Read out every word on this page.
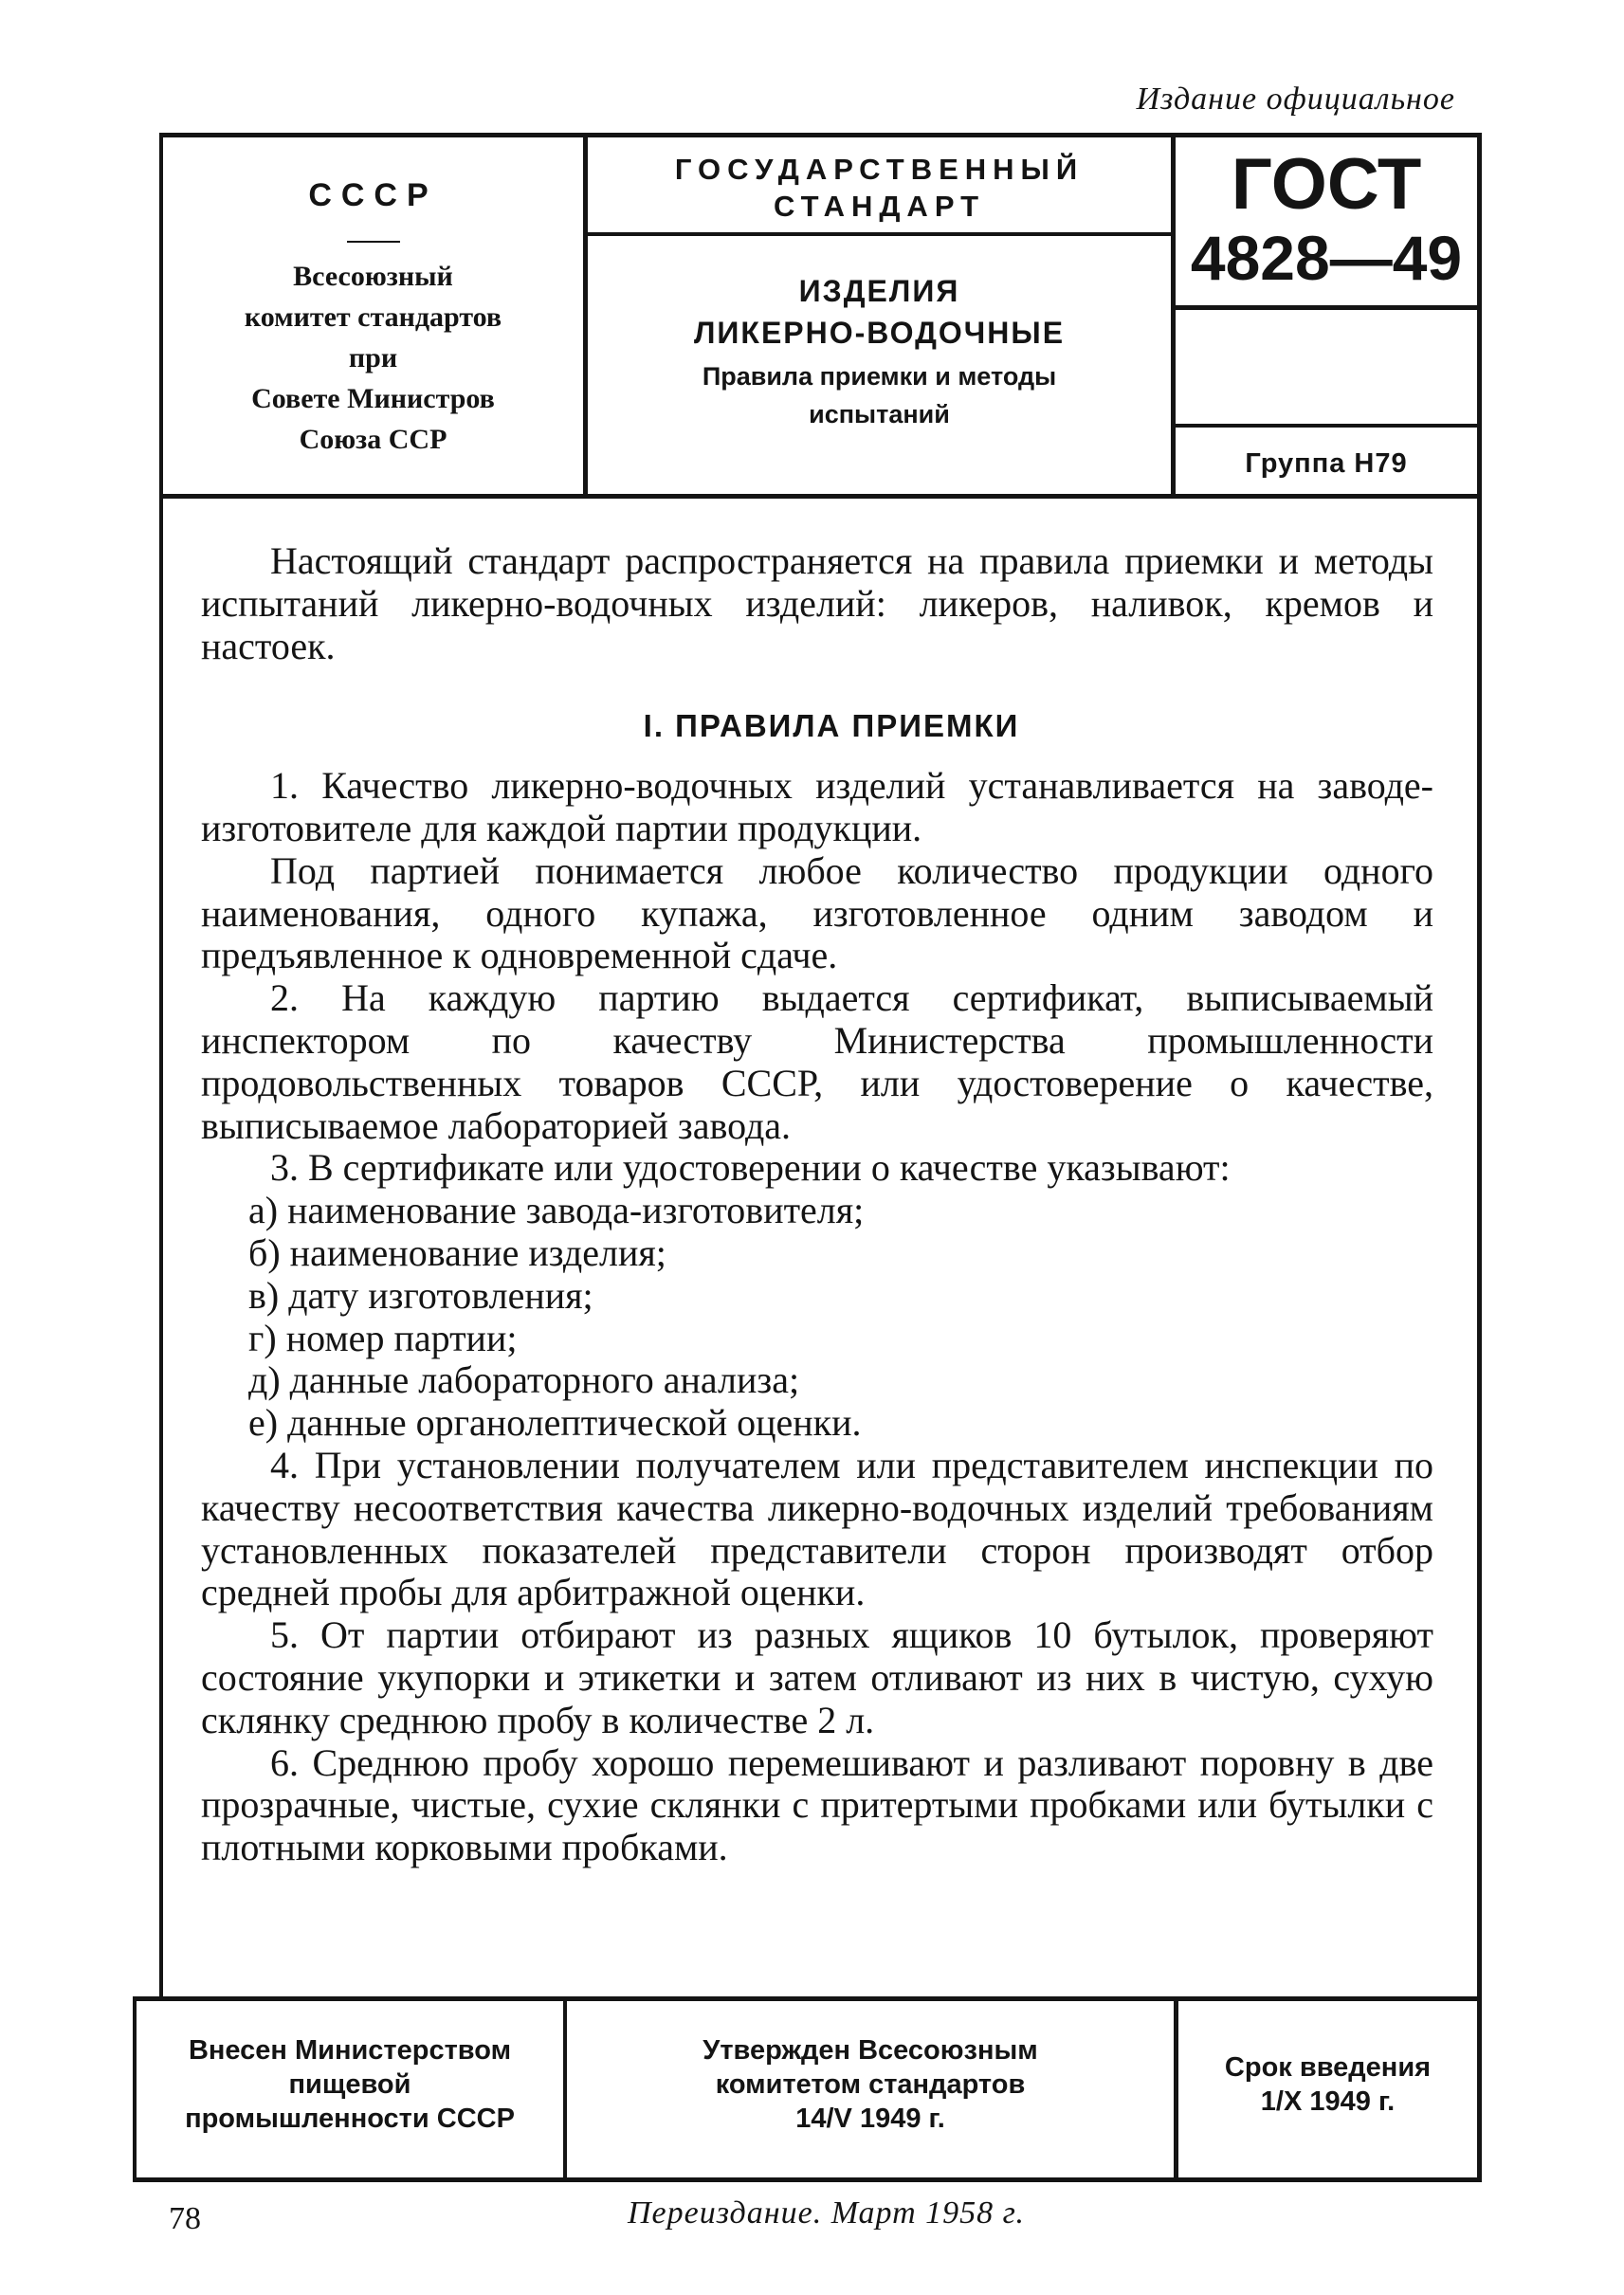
Издание официальное
СССР
Всесоюзный
комитет стандартов
при
Совете Министров
Союза ССР
ГОСУДАРСТВЕННЫЙ
СТАНДАРТ
ИЗДЕЛИЯ
ЛИКЕРНО-ВОДОЧНЫЕ
Правила приемки и методы
испытаний
ГОСТ
4828—49
Группа Н79

Настоящий стандарт распространяется на правила приемки и методы испытаний ликерно-водочных изделий: ликеров, наливок, кремов и настоек.

I. ПРАВИЛА ПРИЕМКИ

1. Качество ликерно-водочных изделий устанавливается на заводе-изготовителе для каждой партии продукции.

Под партией понимается любое количество продукции одного наименования, одного купажа, изготовленное одним заводом и предъявленное к одновременной сдаче.

2. На каждую партию выдается сертификат, выписываемый инспектором по качеству Министерства промышленности продовольственных товаров СССР, или удостоверение о качестве, выписываемое лабораторией завода.

3. В сертификате или удостоверении о качестве указывают:

а) наименование завода-изготовителя;

б) наименование изделия;

в) дату изготовления;

г) номер партии;

д) данные лабораторного анализа;

е) данные органолептической оценки.

4. При установлении получателем или представителем инспекции по качеству несоответствия качества ликерно-водочных изделий требованиям установленных показателей представители сторон производят отбор средней пробы для арбитражной оценки.

5. От партии отбирают из разных ящиков 10 бутылок, проверяют состояние укупорки и этикетки и затем отливают из них в чистую, сухую склянку среднюю пробу в количестве 2 л.

6. Среднюю пробу хорошо перемешивают и разливают поровну в две прозрачные, чистые, сухие склянки с притертыми пробками или бутылки с плотными корковыми пробками.

Внесен Министерством
пищевой
промышленности СССР
Утвержден Всесоюзным
комитетом стандартов
14/V 1949 г.
Срок введения
1/X 1949 г.
78	Переиздание. Март 1958 г.
